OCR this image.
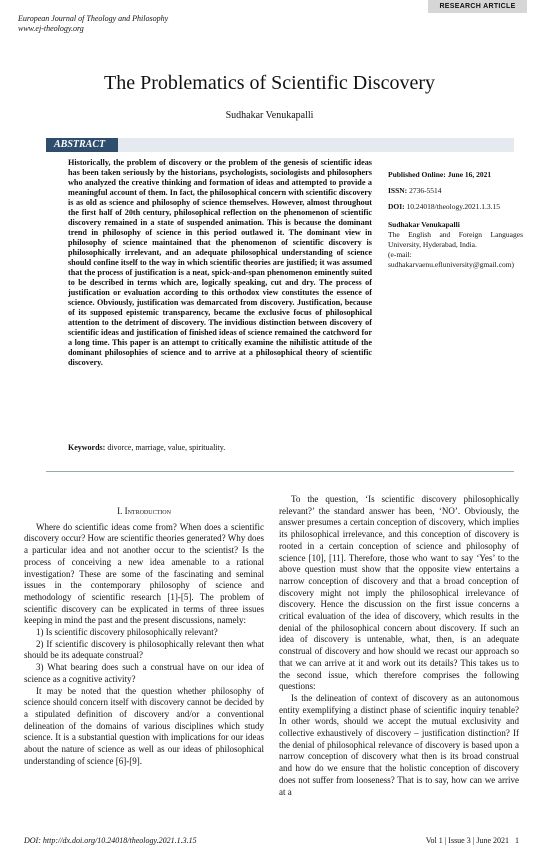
European Journal of Theology and Philosophy
www.ej-theology.org
RESEARCH ARTICLE
The Problematics of Scientific Discovery
Sudhakar Venukapalli
ABSTRACT

Historically, the problem of discovery or the problem of the genesis of scientific ideas has been taken seriously by the historians, psychologists, sociologists and philosophers who analyzed the creative thinking and formation of ideas and attempted to provide a meaningful account of them. In fact, the philosophical concern with scientific discovery is as old as science and philosophy of science themselves. However, almost throughout the first half of 20th century, philosophical reflection on the phenomenon of scientific discovery remained in a state of suspended animation. This is because the dominant trend in philosophy of science in this period outlawed it. The dominant view in philosophy of science maintained that the phenomenon of scientific discovery is philosophically irrelevant, and an adequate philosophical understanding of science should confine itself to the way in which scientific theories are justified; it was assumed that the process of justification is a neat, spick-and-span phenomenon eminently suited to be described in terms which are, logically speaking, cut and dry. The process of justification or evaluation according to this orthodox view constitutes the essence of science. Obviously, justification was demarcated from discovery. Justification, because of its supposed epistemic transparency, became the exclusive focus of philosophical attention to the detriment of discovery. The invidious distinction between discovery of scientific ideas and justification of finished ideas of science remained the catchword for a long time. This paper is an attempt to critically examine the nihilistic attitude of the dominant philosophies of science and to arrive at a philosophical theory of scientific discovery.

Keywords: divorce, marriage, value, spirituality.
Published Online: June 16, 2021
ISSN: 2736-5514
DOI: 10.24018/theology.2021.1.3.15
Sudhakar Venukapalli
The English and Foreign Languages University, Hyderabad, India.
(e-mail:
sudhakarvaenu.efluniversity@gmail.com)

I. Introduction

Where do scientific ideas come from? When does a scientific discovery occur? How are scientific theories generated? Why does a particular idea and not another occur to the scientist? Is the process of conceiving a new idea amenable to a rational investigation? These are some of the fascinating and seminal issues in the contemporary philosophy of science and methodology of scientific research [1]-[5]. The problem of scientific discovery can be explicated in terms of three issues keeping in mind the past and the present discussions, namely:

1) Is scientific discovery philosophically relevant?

2) If scientific discovery is philosophically relevant then what should be its adequate construal?

3) What bearing does such a construal have on our idea of science as a cognitive activity?

It may be noted that the question whether philosophy of science should concern itself with discovery cannot be decided by a stipulated definition of discovery and/or a conventional delineation of the domains of various disciplines which study science. It is a substantial question with implications for our ideas about the nature of science as well as our ideas of philosophical understanding of science [6]-[9].

To the question, ‘Is scientific discovery philosophically relevant?’ the standard answer has been, ‘NO’. Obviously, the answer presumes a certain conception of discovery, which implies its philosophical irrelevance, and this conception of discovery is rooted in a certain conception of science and philosophy of science [10], [11]. Therefore, those who want to say ‘Yes’ to the above question must show that the opposite view entertains a narrow conception of discovery and that a broad conception of discovery might not imply the philosophical irrelevance of discovery. Hence the discussion on the first issue concerns a critical evaluation of the idea of discovery, which results in the denial of the philosophical concern about discovery. If such an idea of discovery is untenable, what, then, is an adequate construal of discovery and how should we recast our approach so that we can arrive at it and work out its details? This takes us to the second issue, which therefore comprises the following questions:

Is the delineation of context of discovery as an autonomous entity exemplifying a distinct phase of scientific inquiry tenable? In other words, should we accept the mutual exclusivity and collective exhaustively of discovery – justification distinction? If the denial of philosophical relevance of discovery is based upon a narrow conception of discovery what then is its broad construal and how do we ensure that the holistic conception of discovery does not suffer from looseness? That is to say, how can we arrive at a

DOI: http://dx.doi.org/10.24018/theology.2021.1.3.15	Vol 1 | Issue 3 | June 2021 1
